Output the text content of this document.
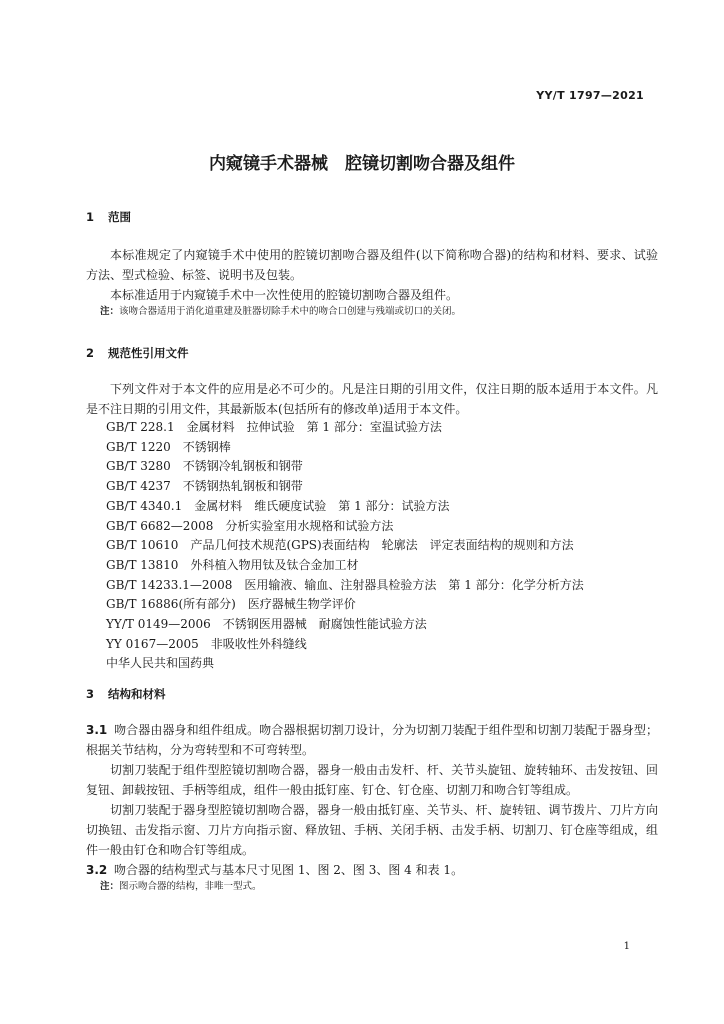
YY/T 1797—2021
内窥镜手术器械　腔镜切割吻合器及组件
1 范围
本标准规定了内窥镜手术中使用的腔镜切割吻合器及组件(以下简称吻合器)的结构和材料、要求、试验方法、型式检验、标签、说明书及包装。
本标准适用于内窥镜手术中一次性使用的腔镜切割吻合器及组件。
注：该吻合器适用于消化道重建及脏器切除手术中的吻合口创建与残端或切口的关闭。
2 规范性引用文件
下列文件对于本文件的应用是必不可少的。凡是注日期的引用文件，仅注日期的版本适用于本文件。凡是不注日期的引用文件，其最新版本(包括所有的修改单)适用于本文件。
GB/T 228.1　金属材料　拉伸试验　第 1 部分：室温试验方法
GB/T 1220　不锈钢棒
GB/T 3280　不锈钢冷轧钢板和钢带
GB/T 4237　不锈钢热轧钢板和钢带
GB/T 4340.1　金属材料　维氏硬度试验　第 1 部分：试验方法
GB/T 6682—2008　分析实验室用水规格和试验方法
GB/T 10610　产品几何技术规范(GPS)表面结构　轮廓法　评定表面结构的规则和方法
GB/T 13810　外科植入物用钛及钛合金加工材
GB/T 14233.1—2008　医用输液、输血、注射器具检验方法　第 1 部分：化学分析方法
GB/T 16886(所有部分)　医疗器械生物学评价
YY/T 0149—2006　不锈钢医用器械　耐腐蚀性能试验方法
YY 0167—2005　非吸收性外科缝线
中华人民共和国药典
3 结构和材料
3.1 吻合器由器身和组件组成。吻合器根据切割刀设计，分为切割刀装配于组件型和切割刀装配于器身型；根据关节结构，分为弯转型和不可弯转型。
切割刀装配于组件型腔镜切割吻合器，器身一般由击发杆、杆、关节头旋钮、旋转轴环、击发按钮、回复钮、卸载按钮、手柄等组成，组件一般由抵钉座、钉仓、钉仓座、切割刀和吻合钉等组成。
切割刀装配于器身型腔镜切割吻合器，器身一般由抵钉座、关节头、杆、旋转钮、调节拨片、刀片方向切换钮、击发指示窗、刀片方向指示窗、释放钮、手柄、关闭手柄、击发手柄、切割刀、钉仓座等组成，组件一般由钉仓和吻合钉等组成。
3.2 吻合器的结构型式与基本尺寸见图 1、图 2、图 3、图 4 和表 1。
注：图示吻合器的结构，非唯一型式。
1
